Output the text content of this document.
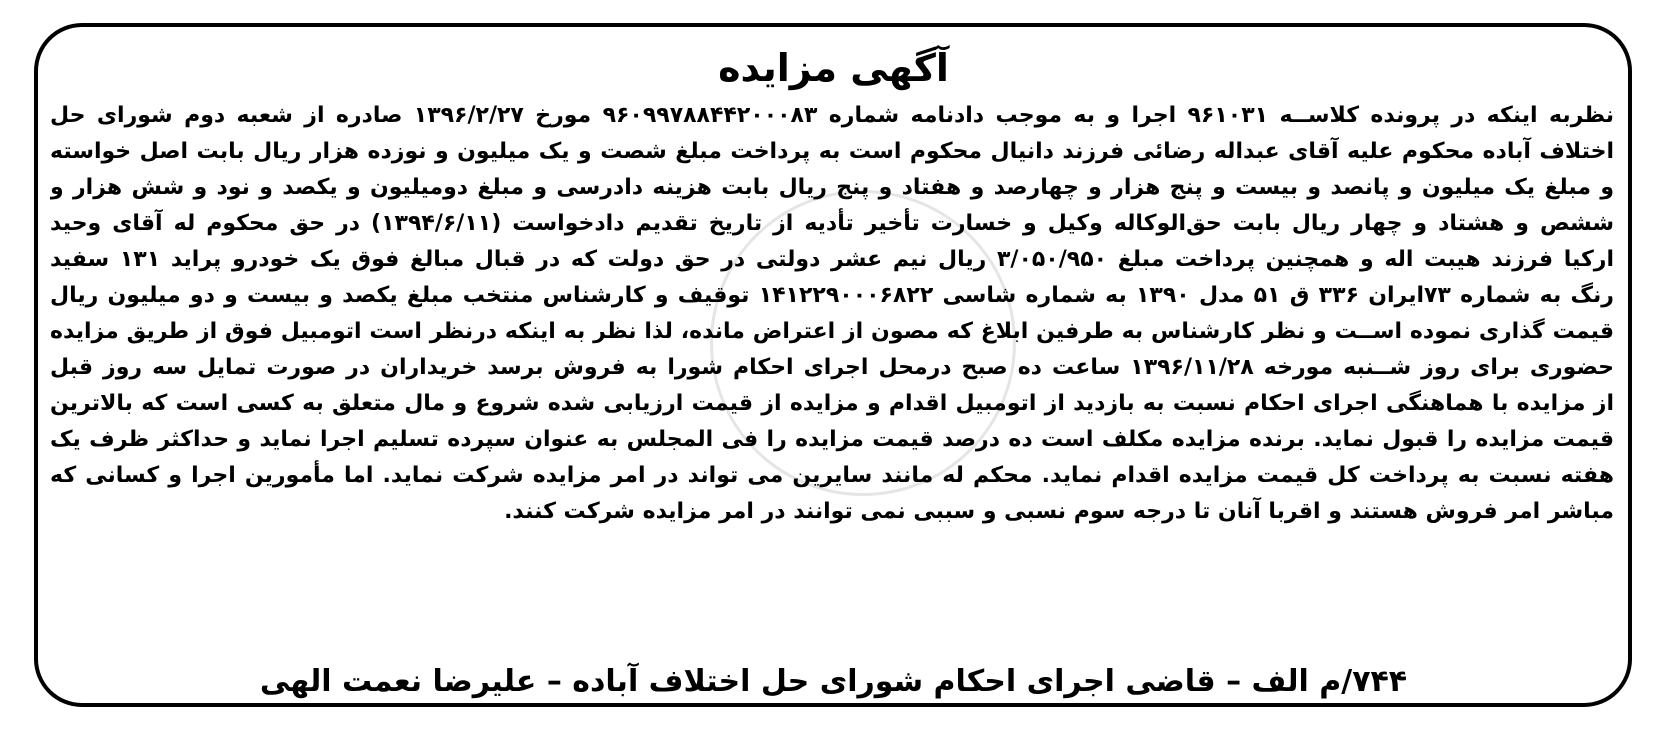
آگهی مزایده
نظربه اینکه در پرونده کلاســه ۹۶۱۰۳۱ اجرا و به موجب دادنامه شماره ۹۶۰۹۹۷۸۸۴۴۲۰۰۰۸۳ مورخ ۱۳۹۶/۲/۲۷ صادره از شعبه دوم شورای حل
اختلاف آباده محکوم علیه آقای عبداله رضائی فرزند دانیال محکوم است به پرداخت مبلغ شصت و یک میلیون و نوزده هزار ریال بابت اصل خواسته
و مبلغ یک میلیون و پانصد و بیست و پنج هزار و چهارصد و هفتاد و پنج ریال بابت هزینه دادرسی و مبلغ دومیلیون و یکصد و نود و شش هزار و
ششص و هشتاد و چهار ریال بابت حق‌الوکاله وکیل و خسارت تأخیر تأدیه از تاریخ تقدیم دادخواست (۱۳۹۴/۶/۱۱) در حق محکوم له آقای وحید
ارکیا فرزند هیبت اله و همچنین پرداخت مبلغ ۳/۰۵۰/۹۵۰ ریال نیم عشر دولتی در حق دولت که در قبال مبالغ فوق یک خودرو پراید ۱۳۱ سفید
رنگ به شماره ۷۳ایران ۳۳۶ ق ۵۱ مدل ۱۳۹۰ به شماره شاسی ۱۴۱۲۲۹۰۰۰۶۸۲۲ توقیف و کارشناس منتخب مبلغ یکصد و بیست و دو میلیون ریال
قیمت گذاری نموده اســت و نظر کارشناس به طرفین ابلاغ که مصون از اعتراض مانده، لذا نظر به اینکه درنظر است اتومبیل فوق از طریق مزایده
حضوری برای روز شــنبه مورخه ۱۳۹۶/۱۱/۲۸ ساعت ده صبح درمحل اجرای احکام شورا به فروش برسد خریداران در صورت تمایل سه روز قبل
از مزایده با هماهنگی اجرای احکام نسبت به بازدید از اتومبیل اقدام و مزایده از قیمت ارزیابی شده شروع و مال متعلق به کسی است که بالاترین
قیمت مزایده را قبول نماید. برنده مزایده مکلف است ده درصد قیمت مزایده را فی المجلس به عنوان سپرده تسلیم اجرا نماید و حداکثر ظرف یک
هفته نسبت به پرداخت کل قیمت مزایده اقدام نماید. محکم له مانند سایرین می تواند در امر مزایده شرکت نماید. اما مأمورین اجرا و کسانی که
مباشر امر فروش هستند و اقربا آنان تا درجه سوم نسبی و سببی نمی توانند در امر مزایده شرکت کنند.
۷۴۴/م الف – قاضی اجرای احکام شورای حل اختلاف آباده – علیرضا نعمت الهی
